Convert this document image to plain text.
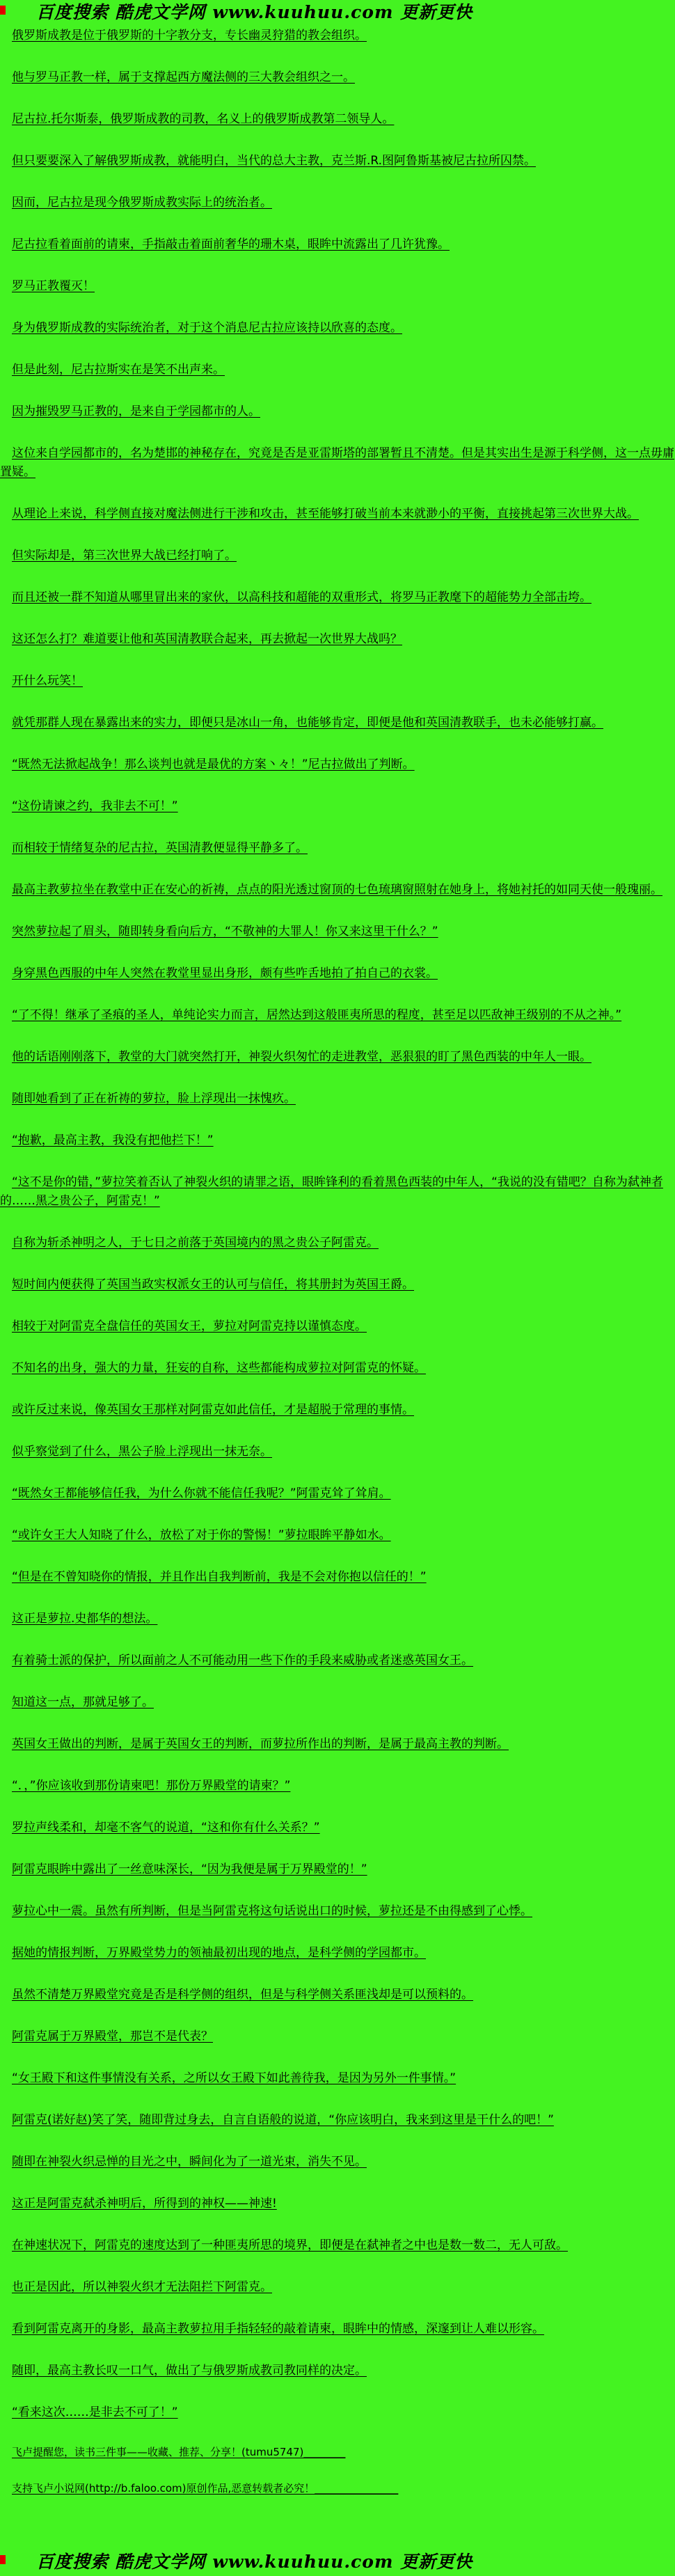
百度搜索 酷虎文学网 www.kuuhuu.com 更新更快

俄罗斯成教是位于俄罗斯的十字教分支，专长幽灵狩猎的教会组织。

他与罗马正教一样，属于支撑起西方魔法侧的三大教会组织之一。

尼古拉.托尔斯泰，俄罗斯成教的司教，名义上的俄罗斯成教第二领导人。

但只要要深入了解俄罗斯成教，就能明白，当代的总大主教，克兰斯.R.图阿鲁斯基被尼古拉所囚禁。

因而，尼古拉是现今俄罗斯成教实际上的统治者。

尼古拉看着面前的请柬，手指敲击着面前奢华的珊木桌，眼眸中流露出了几许犹豫。

罗马正教覆灭！

身为俄罗斯成教的实际统治者，对于这个消息尼古拉应该持以欣喜的态度。

但是此刻，尼古拉斯实在是笑不出声来。

因为摧毁罗马正教的，是来自于学园都市的人。

这位来自学园都市的，名为楚邯的神秘存在，究竟是否是亚雷斯塔的部署暂且不清楚。但是其实出生是源于科学侧，这一点毋庸置疑。

从理论上来说，科学侧直接对魔法侧进行干涉和攻击，甚至能够打破当前本来就渺小的平衡，直接挑起第三次世界大战。

但实际却是，第三次世界大战已经打响了。

而且还被一群不知道从哪里冒出来的家伙，以高科技和超能的双重形式，将罗马正教麾下的超能势力全部击垮。

这还怎么打？难道要让他和英国清教联合起来，再去掀起一次世界大战吗？

开什么玩笑！

就凭那群人现在暴露出来的实力，即便只是冰山一角，也能够肯定，即便是他和英国清教联手，也未必能够打赢。

“既然无法掀起战争！那么谈判也就是最优的方案丶々！”尼古拉做出了判断。

“这份请谏之约，我非去不可！”

而相较于情绪复杂的尼古拉，英国清教便显得平静多了。

最高主教萝拉坐在教堂中正在安心的祈祷，点点的阳光透过窗顶的七色琉璃窗照射在她身上，将她衬托的如同天使一般瑰丽。

突然萝拉起了眉头，随即转身看向后方，“不敬神的大罪人！你又来这里干什么？”

身穿黑色西服的中年人突然在教堂里显出身形，颇有些咋舌地拍了拍自己的衣裳。

“了不得！继承了圣痕的圣人，单纯论实力而言，居然达到这般匪夷所思的程度，甚至足以匹敌神王级别的不从之神。”

他的话语刚刚落下，教堂的大门就突然打开，神裂火织匆忙的走进教堂，恶狠狠的盯了黑色西装的中年人一眼。

随即她看到了正在祈祷的萝拉，脸上浮现出一抹愧疚。

“抱歉，最高主教，我没有把他拦下！”

“这不是你的错，”萝拉笑着否认了神裂火织的请罪之语，眼眸锋利的看着黑色西装的中年人，“我说的没有错吧？自称为弑神者的……黑之贵公子，阿雷克！”

自称为斩杀神明之人，于七日之前落于英国境内的黑之贵公子阿雷克。

短时间内便获得了英国当政实权派女王的认可与信任，将其册封为英国王爵。

相较于对阿雷克全盘信任的英国女王，萝拉对阿雷克持以谨慎态度。

不知名的出身，强大的力量，狂妄的自称，这些都能构成萝拉对阿雷克的怀疑。

或许反过来说，像英国女王那样对阿雷克如此信任，才是超脱于常理的事情。

似乎察觉到了什么，黑公子脸上浮现出一抹无奈。

“既然女王都能够信任我，为什么你就不能信任我呢？”阿雷克耸了耸肩。

“或许女王大人知晓了什么，放松了对于你的警惕！”萝拉眼眸平静如水。

“但是在不曾知晓你的情报，并且作出自我判断前，我是不会对你抱以信任的！”

这正是萝拉.史都华的想法。

有着骑士派的保护，所以面前之人不可能动用一些下作的手段来威胁或者迷惑英国女王。

知道这一点，那就足够了。

英国女王做出的判断，是属于英国女王的判断，而萝拉所作出的判断，是属于最高主教的判断。

“．，”你应该收到那份请柬吧！那份万界殿堂的请柬？”

罗拉声线柔和，却毫不客气的说道，“这和你有什么关系？”

阿雷克眼眸中露出了一丝意味深长，“因为我便是属于万界殿堂的！”

萝拉心中一震。虽然有所判断，但是当阿雷克将这句话说出口的时候，萝拉还是不由得感到了心悸。

据她的情报判断，万界殿堂势力的领袖最初出现的地点，是科学侧的学园都市。

虽然不清楚万界殿堂究竟是否是科学侧的组织，但是与科学侧关系匪浅却是可以预料的。

阿雷克属于万界殿堂，那岂不是代表？

“女王殿下和这件事情没有关系，之所以女王殿下如此善待我，是因为另外一件事情。”

阿雷克(诺好赵)笑了笑，随即背过身去，自言自语般的说道，“你应该明白，我来到这里是干什么的吧！”

随即在神裂火织忌惮的目光之中，瞬间化为了一道光束，消失不见。

这正是阿雷克弑杀神明后，所得到的神权——神速!

在神速状况下，阿雷克的速度达到了一种匪夷所思的境界，即便是在弑神者之中也是数一数二，无人可敌。

也正是因此，所以神裂火织才无法阻拦下阿雷克。

看到阿雷克离开的身影，最高主教萝拉用手指轻轻的敲着请柬，眼眸中的情感，深邃到让人难以形容。

随即，最高主教长叹一口气，做出了与俄罗斯成教司教同样的决定。

“看来这次……是非去不可了！”

飞卢提醒您，读书三件事——收藏、推荐、分享！(tumu5747)________

支持飞卢小说网(http://b.faloo.com)原创作品,恶意转载者必究！________________

百度搜索 酷虎文学网 www.kuuhuu.com 更新更快
